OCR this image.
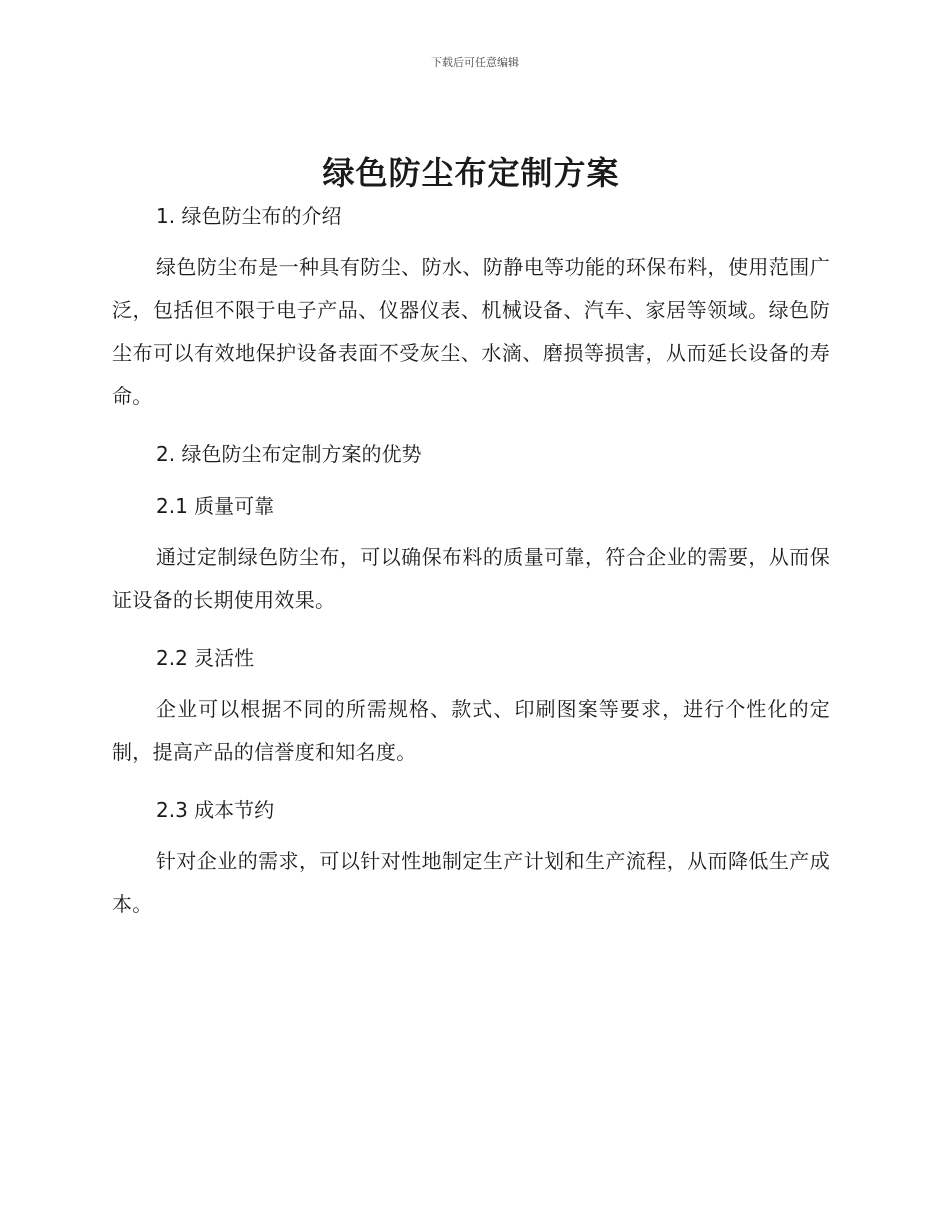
下载后可任意编辑
绿色防尘布定制方案
1. 绿色防尘布的介绍

绿色防尘布是一种具有防尘、防水、防静电等功能的环保布料，使用范围广泛，包括但不限于电子产品、仪器仪表、机械设备、汽车、家居等领域。绿色防尘布可以有效地保护设备表面不受灰尘、水滴、磨损等损害，从而延长设备的寿命。

2. 绿色防尘布定制方案的优势
2.1 质量可靠

通过定制绿色防尘布，可以确保布料的质量可靠，符合企业的需要，从而保证设备的长期使用效果。

2.2 灵活性

企业可以根据不同的所需规格、款式、印刷图案等要求，进行个性化的定制，提高产品的信誉度和知名度。

2.3 成本节约

针对企业的需求，可以针对性地制定生产计划和生产流程，从而降低生产成本。
